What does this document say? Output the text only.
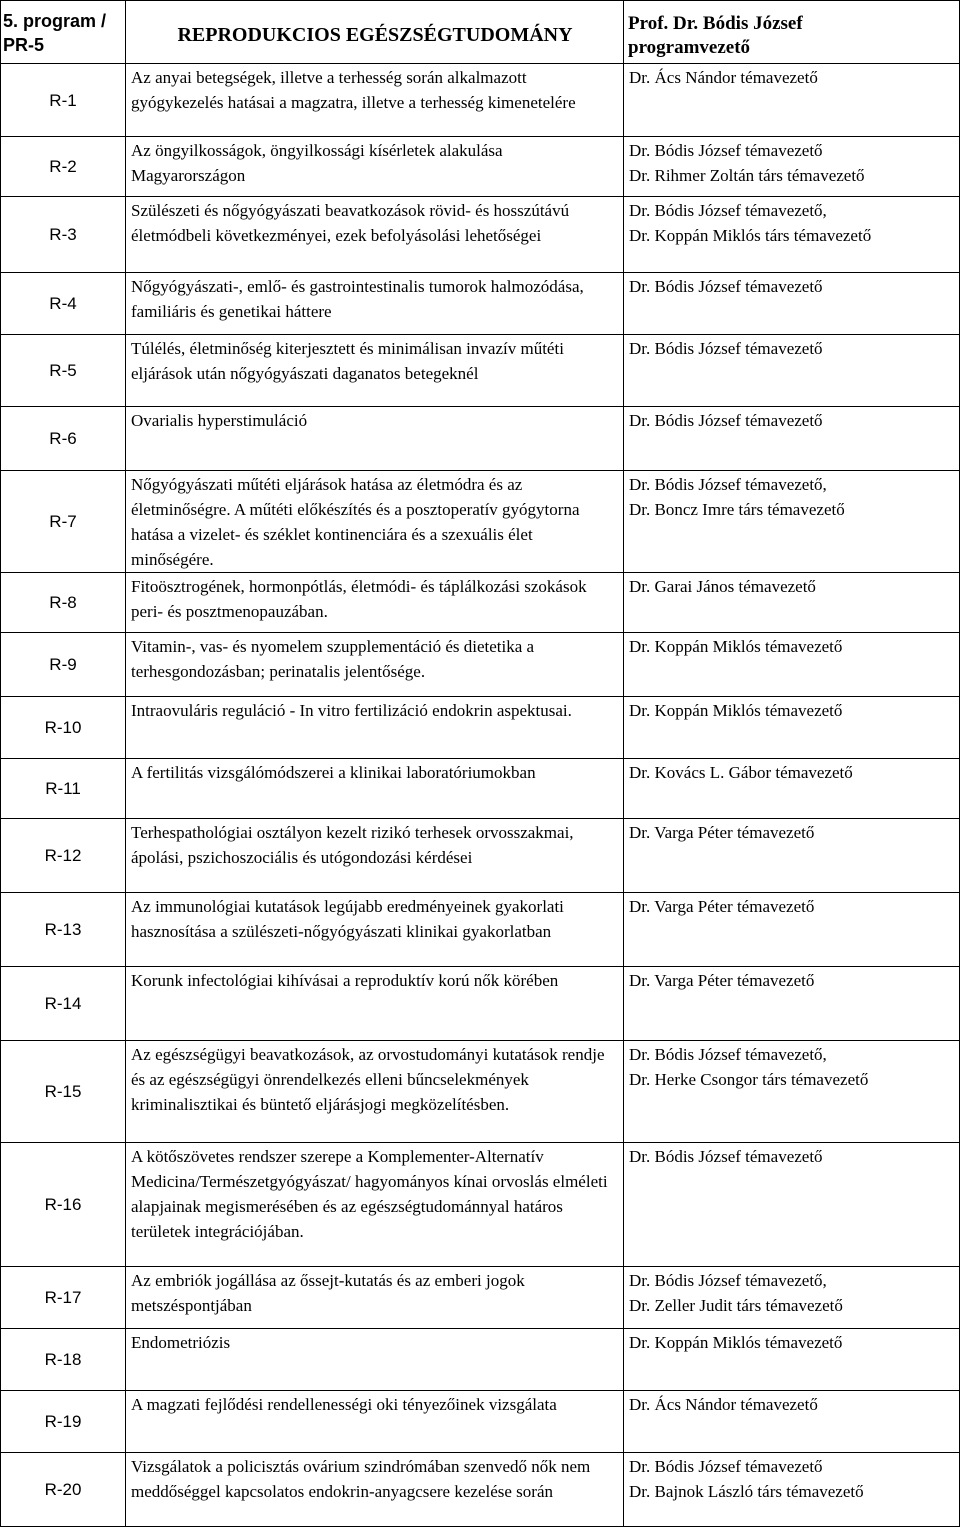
5. program /
PR-5	REPRODUKCIOS EGÉSZSÉGTUDOMÁNY	Prof. Dr. Bódis József
programvezető

R-1	Az anyai betegségek, illetve a terhesség során alkalmazott gyógykezelés hatásai a magzatra, illetve a terhesség kimenetelére	Dr. Ács Nándor témavezető

R-2	Az öngyilkosságok, öngyilkossági kísérletek alakulása Magyarországon	Dr. Bódis József témavezető
Dr. Rihmer Zoltán társ témavezető

R-3	Szülészeti és nőgyógyászati beavatkozások rövid- és hosszútávú életmódbeli következményei, ezek befolyásolási lehetőségei	Dr. Bódis József témavezető,
Dr. Koppán Miklós társ témavezető

R-4	Nőgyógyászati-, emlő- és gastrointestinalis tumorok halmozódása, familiáris és genetikai háttere	Dr. Bódis József témavezető

R-5	Túlélés, életminőség kiterjesztett és minimálisan invazív műtéti eljárások után nőgyógyászati daganatos betegeknél	Dr. Bódis József témavezető

R-6	Ovarialis hyperstimuláció	Dr. Bódis József témavezető

R-7	Nőgyógyászati műtéti eljárások hatása az életmódra és az életminőségre. A műtéti előkészítés és a posztoperatív gyógytorna hatása a vizelet- és széklet kontinenciára és a szexuális élet minőségére.	Dr. Bódis József témavezető,
Dr. Boncz Imre társ témavezető

R-8	Fitoösztrogének, hormonpótlás, életmódi- és táplálkozási szokások peri- és posztmenopauzában.	Dr. Garai János témavezető

R-9	Vitamin-, vas- és nyomelem szupplementáció és dietetika a terhesgondozásban; perinatalis jelentősége.	Dr. Koppán Miklós témavezető

R-10	Intraovuláris reguláció - In vitro fertilizáció endokrin aspektusai.	Dr. Koppán Miklós témavezető

R-11	A fertilitás vizsgálómódszerei a klinikai laboratóriumokban	Dr. Kovács L. Gábor témavezető

R-12	Terhespathológiai osztályon kezelt rizikó terhesek orvosszakmai, ápolási, pszichoszociális és utógondozási kérdései	Dr. Varga Péter témavezető

R-13	Az immunológiai kutatások legújabb eredményeinek gyakorlati hasznosítása a szülészeti-nőgyógyászati klinikai gyakorlatban	Dr. Varga Péter témavezető

R-14	Korunk infectológiai kihívásai a reproduktív korú nők körében	Dr. Varga Péter témavezető

R-15	Az egészségügyi beavatkozások, az orvostudományi kutatások rendje és az egészségügyi önrendelkezés elleni bűncselekmények kriminalisztikai és büntető eljárásjogi megközelítésben.	Dr. Bódis József témavezető,
Dr. Herke Csongor társ témavezető

R-16	A kötőszövetes rendszer szerepe a Komplementer-Alternatív Medicina/Természetgyógyászat/ hagyományos kínai orvoslás elméleti alapjainak megismerésében és az egészségtudománnyal határos területek integrációjában.	Dr. Bódis József témavezető

R-17	Az embriók jogállása az őssejt-kutatás és az emberi jogok metszéspontjában	Dr. Bódis József témavezető,
Dr. Zeller Judit társ témavezető

R-18	Endometriózis	Dr. Koppán Miklós témavezető

R-19	A magzati fejlődési rendellenességi oki tényezőinek vizsgálata	Dr. Ács Nándor témavezető

R-20	Vizsgálatok a policisztás ovárium szindrómában szenvedő nők nem meddőséggel kapcsolatos endokrin-anyagcsere kezelése során	Dr. Bódis József témavezető
Dr. Bajnok László társ témavezető
